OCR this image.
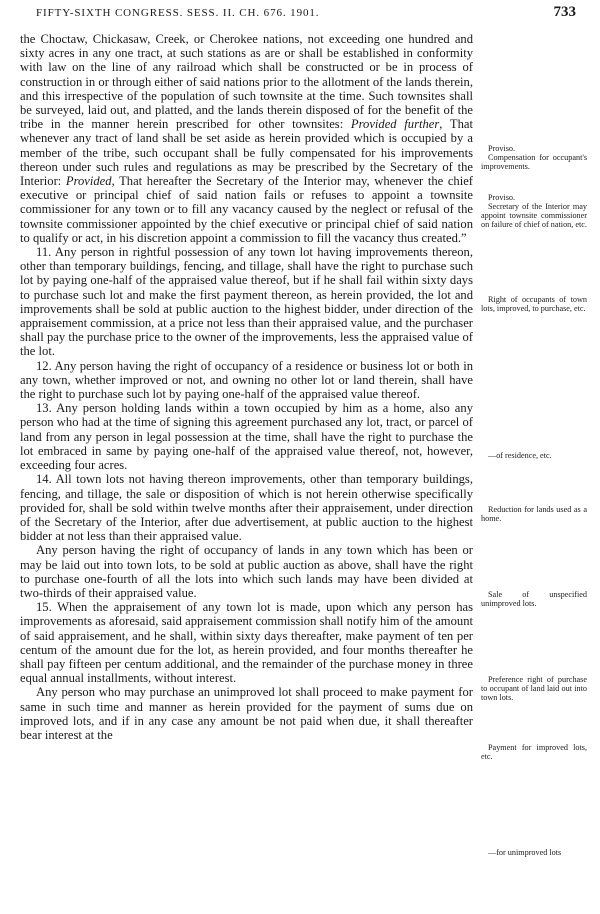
FIFTY-SIXTH CONGRESS. SESS. II. CH. 676. 1901.	733

the Choctaw, Chickasaw, Creek, or Cherokee nations, not exceeding one hundred and sixty acres in any one tract, at such stations as are or shall be established in conformity with law on the line of any railroad which shall be constructed or be in process of construction in or through either of said nations prior to the allotment of the lands therein, and this irrespective of the population of such townsite at the time. Such townsites shall be surveyed, laid out, and platted, and the lands therein disposed of for the benefit of the tribe in the manner herein prescribed for other townsites: Provided further, That whenever any tract of land shall be set aside as herein provided which is occupied by a member of the tribe, such occupant shall be fully compensated for his improvements thereon under such rules and regulations as may be prescribed by the Secretary of the Interior: Provided, That hereafter the Secretary of the Interior may, whenever the chief executive or principal chief of said nation fails or refuses to appoint a townsite commissioner for any town or to fill any vacancy caused by the neglect or refusal of the townsite commissioner appointed by the chief executive or principal chief of said nation to qualify or act, in his discretion appoint a commission to fill the vacancy thus created.”

11. Any person in rightful possession of any town lot having improvements thereon, other than temporary buildings, fencing, and tillage, shall have the right to purchase such lot by paying one-half of the appraised value thereof, but if he shall fail within sixty days to purchase such lot and make the first payment thereon, as herein provided, the lot and improvements shall be sold at public auction to the highest bidder, under direction of the appraisement commission, at a price not less than their appraised value, and the purchaser shall pay the purchase price to the owner of the improvements, less the appraised value of the lot.

12. Any person having the right of occupancy of a residence or business lot or both in any town, whether improved or not, and owning no other lot or land therein, shall have the right to purchase such lot by paying one-half of the appraised value thereof.

13. Any person holding lands within a town occupied by him as a home, also any person who had at the time of signing this agreement purchased any lot, tract, or parcel of land from any person in legal possession at the time, shall have the right to purchase the lot embraced in same by paying one-half of the appraised value thereof, not, however, exceeding four acres.

14. All town lots not having thereon improvements, other than temporary buildings, fencing, and tillage, the sale or disposition of which is not herein otherwise specifically provided for, shall be sold within twelve months after their appraisement, under direction of the Secretary of the Interior, after due advertisement, at public auction to the highest bidder at not less than their appraised value.

Any person having the right of occupancy of lands in any town which has been or may be laid out into town lots, to be sold at public auction as above, shall have the right to purchase one-fourth of all the lots into which such lands may have been divided at two-thirds of their appraised value.

15. When the appraisement of any town lot is made, upon which any person has improvements as aforesaid, said appraisement commission shall notify him of the amount of said appraisement, and he shall, within sixty days thereafter, make payment of ten per centum of the amount due for the lot, as herein provided, and four months thereafter he shall pay fifteen per centum additional, and the remainder of the purchase money in three equal annual installments, without interest.

Any person who may purchase an unimproved lot shall proceed to make payment for same in such time and manner as herein provided for the payment of sums due on improved lots, and if in any case any amount be not paid when due, it shall thereafter bear interest at the

Proviso.
Compensation for occupant's improvements.
Proviso.
Secretary of the Interior may appoint townsite commissioner on failure of chief of nation, etc.
Right of occupants of town lots, improved, to purchase, etc.
—of residence, etc.
Reduction for lands used as a home.
Sale of unspecified unimproved lots.
Preference right of purchase to occupant of land laid out into town lots.
Payment for improved lots, etc.
—for unimproved lots
